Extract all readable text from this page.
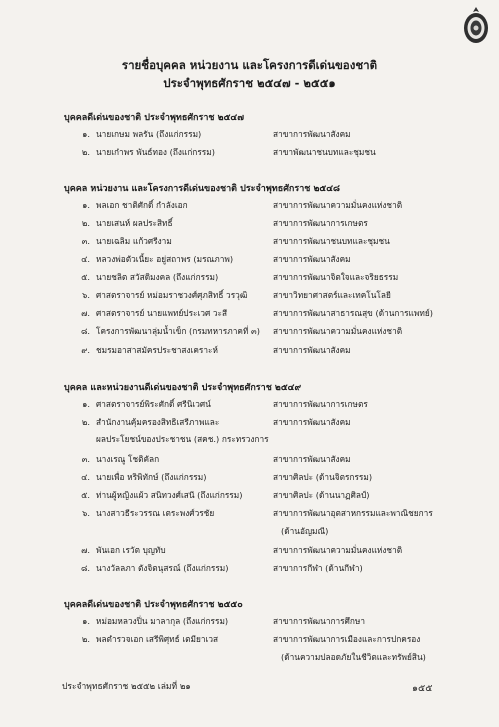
รายชื่อบุคคล หน่วยงาน และโครงการดีเด่นของชาติ
ประจำพุทธศักราช ๒๕๔๗ - ๒๕๕๑
บุคคลดีเด่นของชาติ ประจำพุทธศักราช ๒๕๔๗
๑. นายเกษม พลรัน (ถึงแก่กรรม)	สาขาการพัฒนาสังคม
๒. นายเก๋าพร พันธ์ทอง (ถึงแก่กรรม)	สาขาพัฒนาชนบทและชุมชน
บุคคล หน่วยงาน และโครงการดีเด่นของชาติ ประจำพุทธศักราช ๒๕๔๘
๑. พลเอก ชาติศักดิ์ กำลังเอก	สาขาการพัฒนาความมั่นคงแห่งชาติ
๒. นายเสนห์ ผลประสิทธิ์	สาขาการพัฒนาการเกษตร
๓. นายเฉลิม แก้วศรีงาม	สาขาการพัฒนาชนบทและชุมชน
๔. หลวงพ่อตัวเนี้ยะ อยู่สถาพร (มรณภาพ)	สาขาการพัฒนาสังคม
๕. นายชลิต สวัสดิมงคล (ถึงแก่กรรม)	สาขาการพัฒนาจิตใจและจริยธรรม
๖. ศาสตราจารย์ หม่อมราชวงศ์ศุภสิทธิ์ วรวุฒิ	สาขาวิทยาศาสตร์และเทคโนโลยี
๗. ศาสตราจารย์ นายแพทย์ประเวศ วะสี	สาขาการพัฒนาสาธารณสุข (ด้านการแพทย์)
๘. โครงการพัฒนาลุ่มน้ำเข็ก (กรมทหารภาคที่ ๓) สาขาการพัฒนาความมั่นคงแห่งชาติ
๙. ชมรมอาสาสมัครประชาสงเคราะห์	สาขาการพัฒนาสังคม
บุคคล และหน่วยงานดีเด่นของชาติ ประจำพุทธศักราช ๒๕๔๙
๑. ศาสตราจารย์พิระศักดิ์ ศรีนิเวศน์	สาขาการพัฒนาการเกษตร
๒. สำนักงานคุ้มครองสิทธิเสรีภาพและ	สาขาการพัฒนาสังคม
ผลประโยชน์ของประชาชน (สคช.) กระทรวงการ
๓. นางเรณู โชติคัลก	สาขาการพัฒนาสังคม
๔. นายเพื่อ หริพิทักษ์ (ถึงแก่กรรม)	สาขาศิลปะ (ด้านจิตรกรรม)
๕. ท่านผู้หญิงแผ้ว สนิทวงศ์เสนี (ถึงแก่กรรม)	สาขาศิลปะ (ด้านนาฏศิลป์)
๖. นางสาวธีระวรรณ เตระพงศ์วรชัย	สาขาการพัฒนาอุตสาหกรรมและพาณิชยการ
(ด้านอัญมณี)
๗. พันเอก เรวัต บุญทับ	สาขาการพัฒนาความมั่นคงแห่งชาติ
๘. นางวัลลภา ตังจิตนุสรณ์ (ถึงแก่กรรม)	สาขาการกีฬา (ด้านกีฬา)
บุคคลดีเด่นของชาติ ประจำพุทธศักราช ๒๕๕๐
๑. หม่อมหลวงปิ่น มาลากุล (ถึงแก่กรรม)	สาขาการพัฒนาการศึกษา
๒. พลตำรวจเอก เสรีพิศุทธ์ เตมียาเวส	สาขาการพัฒนาการเมืองและการปกครอง
(ด้านความปลอดภัยในชีวิตและทรัพย์สิน)
ประจำพุทธศักราช ๒๕๕๒ เล่มที่ ๒๑	๑๕๕
